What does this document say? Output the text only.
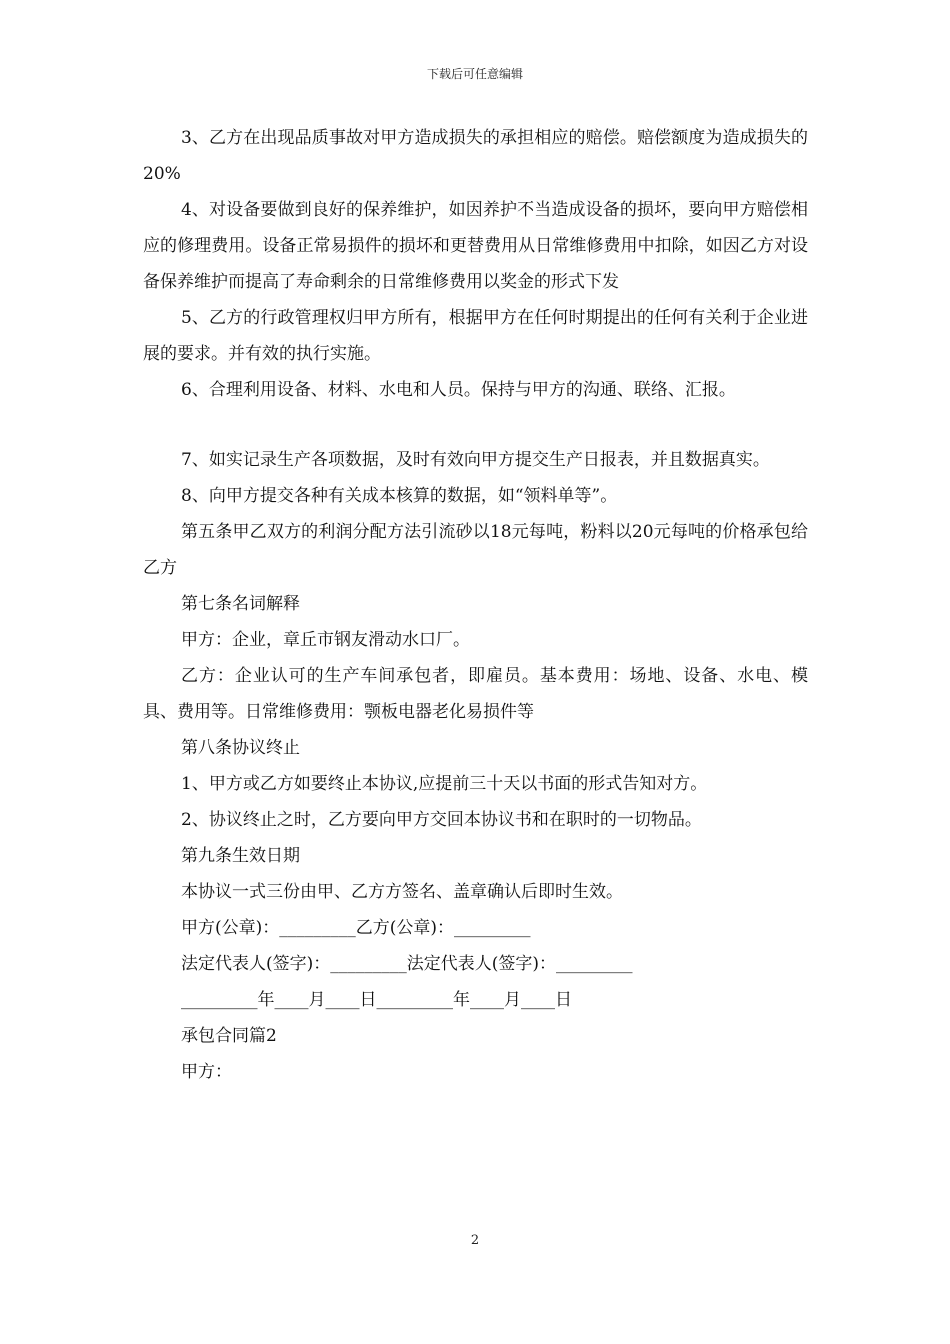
下载后可任意编辑

3、乙方在出现品质事故对甲方造成损失的承担相应的赔偿。赔偿额度为造成损失的20%

4、对设备要做到良好的保养维护，如因养护不当造成设备的损坏，要向甲方赔偿相应的修理费用。设备正常易损件的损坏和更替费用从日常维修费用中扣除，如因乙方对设备保养维护而提高了寿命剩余的日常维修费用以奖金的形式下发

5、乙方的行政管理权归甲方所有，根据甲方在任何时期提出的任何有关利于企业进展的要求。并有效的执行实施。

6、合理利用设备、材料、水电和人员。保持与甲方的沟通、联络、汇报。

7、如实记录生产各项数据，及时有效向甲方提交生产日报表，并且数据真实。

8、向甲方提交各种有关成本核算的数据，如“领料单等”。

第五条甲乙双方的利润分配方法引流砂以18元每吨，粉料以20元每吨的价格承包给乙方

第七条名词解释

甲方：企业，章丘市钢友滑动水口厂。

乙方：企业认可的生产车间承包者，即雇员。基本费用：场地、设备、水电、模具、费用等。日常维修费用：颚板电器老化易损件等

第八条协议终止

1、甲方或乙方如要终止本协议,应提前三十天以书面的形式告知对方。

2、协议终止之时，乙方要向甲方交回本协议书和在职时的一切物品。

第九条生效日期

本协议一式三份由甲、乙方方签名、盖章确认后即时生效。

甲方(公章)：_________乙方(公章)：_________

法定代表人(签字)：_________法定代表人(签字)：_________

_________年____月____日_________年____月____日

承包合同篇2

甲方：

2
